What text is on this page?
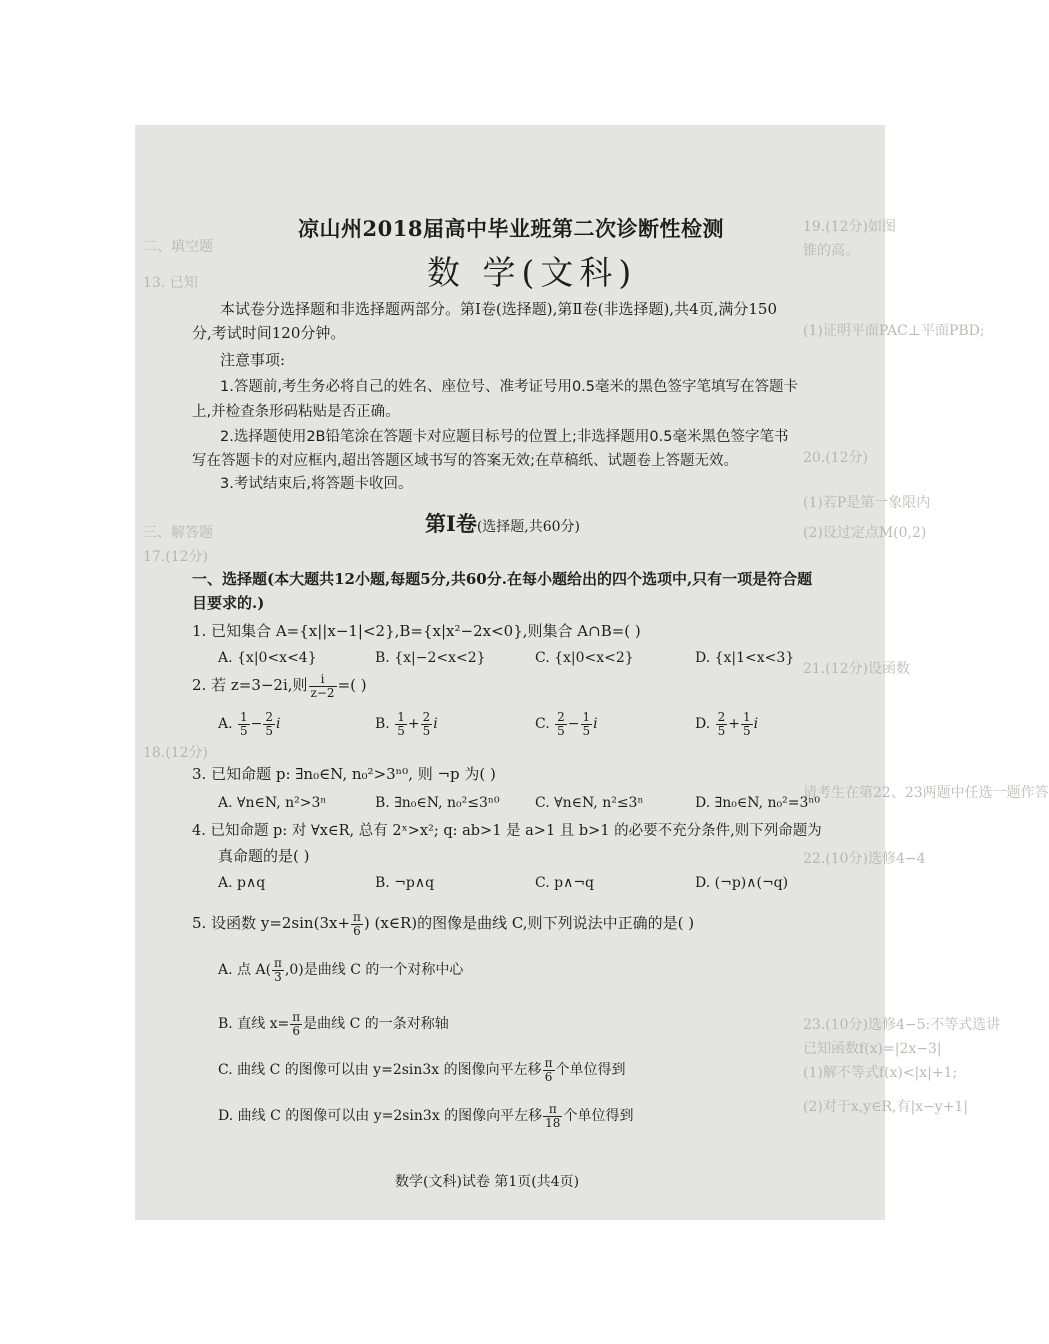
19.(12分)如图
锥的高。
(1)证明平面PAC⊥平面PBD;
20.(12分)
(1)若P是第一象限内
(2)设过定点M(0,2)
21.(12分)设函数
请考生在第22、23两题中任选一题作答
22.(10分)选修4−4
23.(10分)选修4−5:不等式选讲
已知函数f(x)=|2x−3|
(1)解不等式f(x)<|x|+1;
(2)对于x,y∈R,有|x−y+1|
二、填空题
13. 已知
三、解答题
17.(12分)
18.(12分)
凉山州2018届高中毕业班第二次诊断性检测
数 学(文科)
本试卷分选择题和非选择题两部分。第Ⅰ卷(选择题),第Ⅱ卷(非选择题),共4页,满分150
分,考试时间120分钟。
注意事项:
1.答题前,考生务必将自己的姓名、座位号、准考证号用0.5毫米的黑色签字笔填写在答题卡
上,并检查条形码粘贴是否正确。
2.选择题使用2B铅笔涂在答题卡对应题目标号的位置上;非选择题用0.5毫米黑色签字笔书
写在答题卡的对应框内,超出答题区域书写的答案无效;在草稿纸、试题卷上答题无效。
3.考试结束后,将答题卡收回。
第Ⅰ卷(选择题,共60分)
一、选择题(本大题共12小题,每题5分,共60分.在每小题给出的四个选项中,只有一项是符合题
目要求的.)
1. 已知集合 A={x||x−1|<2},B={x|x²−2x<0},则集合 A∩B=( )
A. {x|0<x<4}	B. {x|−2<x<2}	C. {x|0<x<2}	D. {x|1<x<3}
2. 若 z=3−2i,则 $\frac{i}{z-2}$ =( )
A. $\frac{1}{5} - \frac{2}{5}$ i	B. $\frac{1}{5} + \frac{2}{5}$ i	C. $\frac{2}{5} - \frac{1}{5}$ i	D. $\frac{2}{5} + \frac{1}{5}$ i
3. 已知命题 p: ∃n₀∈N, n₀²>3ⁿ⁰, 则 ¬p 为( )
A. ∀n∈N, n²>3ⁿ	B. ∃n₀∈N, n₀²≤3ⁿ⁰	C. ∀n∈N, n²≤3ⁿ	D. ∃n₀∈N, n₀²=3ⁿ⁰
4. 已知命题 p: 对 ∀x∈R, 总有 2ˣ>x²; q: ab>1 是 a>1 且 b>1 的必要不充分条件,则下列命题为
真命题的是( )
A. p∧q	B. ¬p∧q	C. p∧¬q	D. (¬p)∧(¬q)
5. 设函数 $y=2\sin(3x+ \frac{\pi}{6}$ ) (x∈R)的图像是曲线 C,则下列说法中正确的是( )
A. 点 $A( \frac{\pi}{3} ,0)$是曲线 C 的一个对称中心
B. 直线 $x= \frac{\pi}{6}$ 是曲线 C 的一条对称轴
C. 曲线 C 的图像可以由 y=2sin3x 的图像向平左移 $\frac{\pi}{6}$ 个单位得到
D. 曲线 C 的图像可以由 y=2sin3x 的图像向平左移 $\frac{\pi}{18}$ 个单位得到
数学(文科)试卷 第1页(共4页)
